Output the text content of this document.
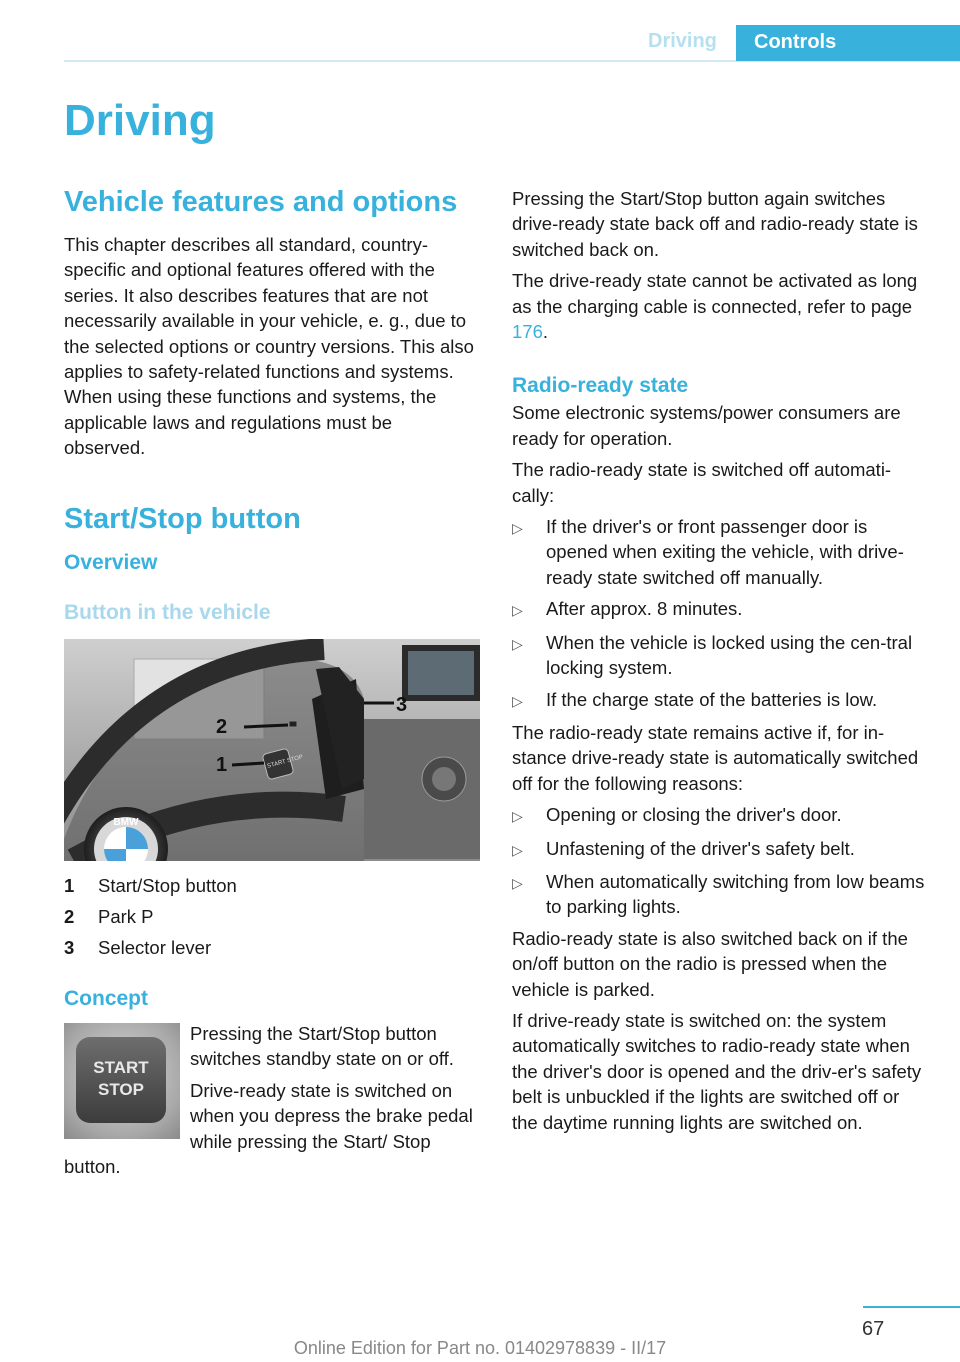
Driving	Controls
Driving
Vehicle features and options

This chapter describes all standard, country-specific and optional features offered with the series. It also describes features that are not necessarily available in your vehicle, e. g., due to the selected options or country versions. This also applies to safety-related functions and systems. When using these functions and systems, the applicable laws and regulations must be observed.

Start/Stop button
Overview
Button in the vehicle
START STOP
BMW
1
2
3
1	Start/Stop button
2	Park P
3	Selector lever
Concept
START
STOP

Pressing the Start/Stop button switches standby state on or off.

Drive-ready state is switched on when you depress the brake pedal while pressing the Start/ Stop button.

Pressing the Start/Stop button again switches drive-ready state back off and radio-ready state is switched back on.

The drive-ready state cannot be activated as long as the charging cable is connected, refer to page 176.

Radio-ready state

Some electronic systems/power consumers are ready for operation.

The radio-ready state is switched off automati-cally:

▷	If the driver's or front passenger door is opened when exiting the vehicle, with drive-ready state switched off manually.
▷	After approx. 8 minutes.
▷	When the vehicle is locked using the cen-tral locking system.
▷	If the charge state of the batteries is low.

The radio-ready state remains active if, for in-stance drive-ready state is automatically switched off for the following reasons:

▷	Opening or closing the driver's door.
▷	Unfastening of the driver's safety belt.
▷	When automatically switching from low beams to parking lights.

Radio-ready state is also switched back on if the on/off button on the radio is pressed when the vehicle is parked.

If drive-ready state is switched on: the system automatically switches to radio-ready state when the driver's door is opened and the driv-er's safety belt is unbuckled if the lights are switched off or the daytime running lights are switched on.

67
Online Edition for Part no. 01402978839 - II/17
